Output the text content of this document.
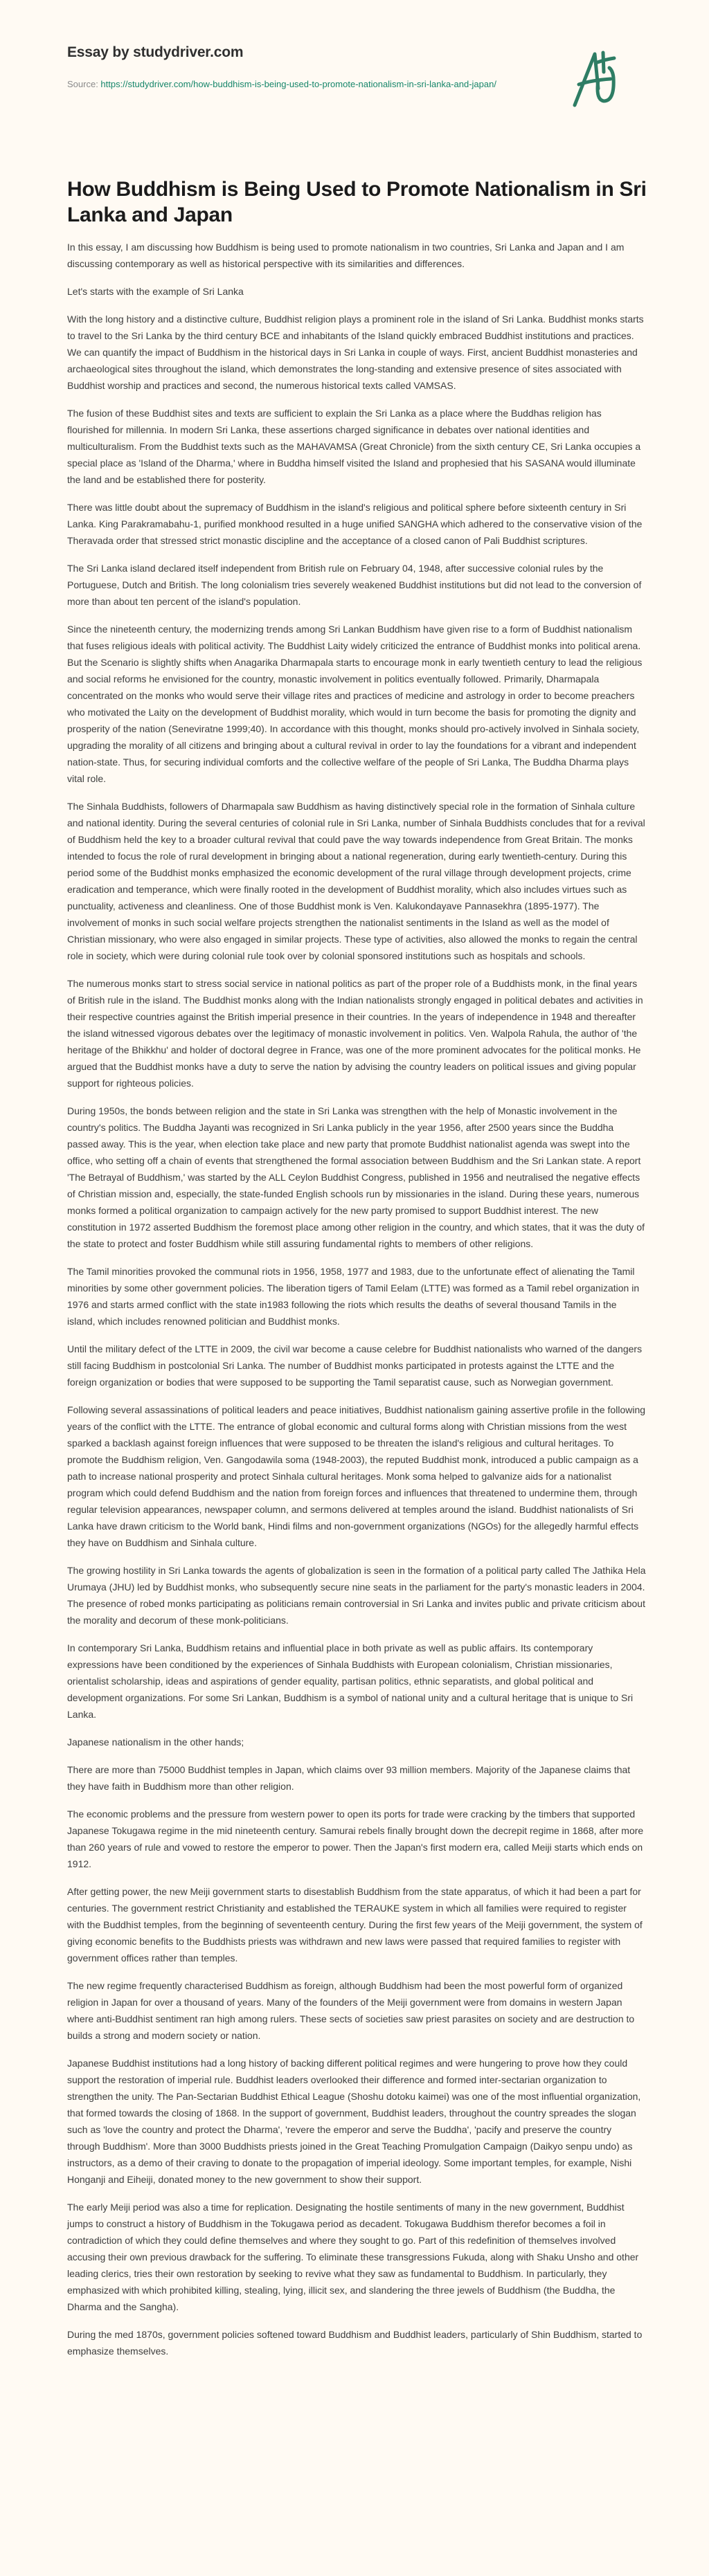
Essay by studydriver.com
Source: https://studydriver.com/how-buddhism-is-being-used-to-promote-nationalism-in-sri-lanka-and-japan/
How Buddhism is Being Used to Promote Nationalism in Sri Lanka and Japan

In this essay, I am discussing how Buddhism is being used to promote nationalism in two countries, Sri Lanka and Japan and I am discussing contemporary as well as historical perspective with its similarities and differences.

Let's starts with the example of Sri Lanka

With the long history and a distinctive culture, Buddhist religion plays a prominent role in the island of Sri Lanka. Buddhist monks starts to travel to the Sri Lanka by the third century BCE and inhabitants of the Island quickly embraced Buddhist institutions and practices. We can quantify the impact of Buddhism in the historical days in Sri Lanka in couple of ways. First, ancient Buddhist monasteries and archaeological sites throughout the island, which demonstrates the long-standing and extensive presence of sites associated with Buddhist worship and practices and second, the numerous historical texts called VAMSAS.

The fusion of these Buddhist sites and texts are sufficient to explain the Sri Lanka as a place where the Buddhas religion has flourished for millennia. In modern Sri Lanka, these assertions charged significance in debates over national identities and multiculturalism. From the Buddhist texts such as the MAHAVAMSA (Great Chronicle) from the sixth century CE, Sri Lanka occupies a special place as 'Island of the Dharma,' where in Buddha himself visited the Island and prophesied that his SASANA would illuminate the land and be established there for posterity.

There was little doubt about the supremacy of Buddhism in the island's religious and political sphere before sixteenth century in Sri Lanka. King Parakramabahu-1, purified monkhood resulted in a huge unified SANGHA which adhered to the conservative vision of the Theravada order that stressed strict monastic discipline and the acceptance of a closed canon of Pali Buddhist scriptures.

The Sri Lanka island declared itself independent from British rule on February 04, 1948, after successive colonial rules by the Portuguese, Dutch and British. The long colonialism tries severely weakened Buddhist institutions but did not lead to the conversion of more than about ten percent of the island's population.

Since the nineteenth century, the modernizing trends among Sri Lankan Buddhism have given rise to a form of Buddhist nationalism that fuses religious ideals with political activity. The Buddhist Laity widely criticized the entrance of Buddhist monks into political arena. But the Scenario is slightly shifts when Anagarika Dharmapala starts to encourage monk in early twentieth century to lead the religious and social reforms he envisioned for the country, monastic involvement in politics eventually followed. Primarily, Dharmapala concentrated on the monks who would serve their village rites and practices of medicine and astrology in order to become preachers who motivated the Laity on the development of Buddhist morality, which would in turn become the basis for promoting the dignity and prosperity of the nation (Seneviratne 1999;40). In accordance with this thought, monks should pro-actively involved in Sinhala society, upgrading the morality of all citizens and bringing about a cultural revival in order to lay the foundations for a vibrant and independent nation-state. Thus, for securing individual comforts and the collective welfare of the people of Sri Lanka, The Buddha Dharma plays vital role.

The Sinhala Buddhists, followers of Dharmapala saw Buddhism as having distinctively special role in the formation of Sinhala culture and national identity. During the several centuries of colonial rule in Sri Lanka, number of Sinhala Buddhists concludes that for a revival of Buddhism held the key to a broader cultural revival that could pave the way towards independence from Great Britain. The monks intended to focus the role of rural development in bringing about a national regeneration, during early twentieth-century. During this period some of the Buddhist monks emphasized the economic development of the rural village through development projects, crime eradication and temperance, which were finally rooted in the development of Buddhist morality, which also includes virtues such as punctuality, activeness and cleanliness. One of those Buddhist monk is Ven. Kalukondayave Pannasekhra (1895-1977). The involvement of monks in such social welfare projects strengthen the nationalist sentiments in the Island as well as the model of Christian missionary, who were also engaged in similar projects. These type of activities, also allowed the monks to regain the central role in society, which were during colonial rule took over by colonial sponsored institutions such as hospitals and schools.

The numerous monks start to stress social service in national politics as part of the proper role of a Buddhists monk, in the final years of British rule in the island. The Buddhist monks along with the Indian nationalists strongly engaged in political debates and activities in their respective countries against the British imperial presence in their countries. In the years of independence in 1948 and thereafter the island witnessed vigorous debates over the legitimacy of monastic involvement in politics. Ven. Walpola Rahula, the author of 'the heritage of the Bhikkhu' and holder of doctoral degree in France, was one of the more prominent advocates for the political monks. He argued that the Buddhist monks have a duty to serve the nation by advising the country leaders on political issues and giving popular support for righteous policies.

During 1950s, the bonds between religion and the state in Sri Lanka was strengthen with the help of Monastic involvement in the country's politics. The Buddha Jayanti was recognized in Sri Lanka publicly in the year 1956, after 2500 years since the Buddha passed away. This is the year, when election take place and new party that promote Buddhist nationalist agenda was swept into the office, who setting off a chain of events that strengthened the formal association between Buddhism and the Sri Lankan state. A report 'The Betrayal of Buddhism,' was started by the ALL Ceylon Buddhist Congress, published in 1956 and neutralised the negative effects of Christian mission and, especially, the state-funded English schools run by missionaries in the island. During these years, numerous monks formed a political organization to campaign actively for the new party promised to support Buddhist interest. The new constitution in 1972 asserted Buddhism the foremost place among other religion in the country, and which states, that it was the duty of the state to protect and foster Buddhism while still assuring fundamental rights to members of other religions.

The Tamil minorities provoked the communal riots in 1956, 1958, 1977 and 1983, due to the unfortunate effect of alienating the Tamil minorities by some other government policies. The liberation tigers of Tamil Eelam (LTTE) was formed as a Tamil rebel organization in 1976 and starts armed conflict with the state in1983 following the riots which results the deaths of several thousand Tamils in the island, which includes renowned politician and Buddhist monks.

Until the military defect of the LTTE in 2009, the civil war become a cause celebre for Buddhist nationalists who warned of the dangers still facing Buddhism in postcolonial Sri Lanka. The number of Buddhist monks participated in protests against the LTTE and the foreign organization or bodies that were supposed to be supporting the Tamil separatist cause, such as Norwegian government.

Following several assassinations of political leaders and peace initiatives, Buddhist nationalism gaining assertive profile in the following years of the conflict with the LTTE. The entrance of global economic and cultural forms along with Christian missions from the west sparked a backlash against foreign influences that were supposed to be threaten the island's religious and cultural heritages. To promote the Buddhism religion, Ven. Gangodawila soma (1948-2003), the reputed Buddhist monk, introduced a public campaign as a path to increase national prosperity and protect Sinhala cultural heritages. Monk soma helped to galvanize aids for a nationalist program which could defend Buddhism and the nation from foreign forces and influences that threatened to undermine them, through regular television appearances, newspaper column, and sermons delivered at temples around the island. Buddhist nationalists of Sri Lanka have drawn criticism to the World bank, Hindi films and non-government organizations (NGOs) for the allegedly harmful effects they have on Buddhism and Sinhala culture.

The growing hostility in Sri Lanka towards the agents of globalization is seen in the formation of a political party called The Jathika Hela Urumaya (JHU) led by Buddhist monks, who subsequently secure nine seats in the parliament for the party's monastic leaders in 2004. The presence of robed monks participating as politicians remain controversial in Sri Lanka and invites public and private criticism about the morality and decorum of these monk-politicians.

In contemporary Sri Lanka, Buddhism retains and influential place in both private as well as public affairs. Its contemporary expressions have been conditioned by the experiences of Sinhala Buddhists with European colonialism, Christian missionaries, orientalist scholarship, ideas and aspirations of gender equality, partisan politics, ethnic separatists, and global political and development organizations. For some Sri Lankan, Buddhism is a symbol of national unity and a cultural heritage that is unique to Sri Lanka.

Japanese nationalism in the other hands;

There are more than 75000 Buddhist temples in Japan, which claims over 93 million members. Majority of the Japanese claims that they have faith in Buddhism more than other religion.

The economic problems and the pressure from western power to open its ports for trade were cracking by the timbers that supported Japanese Tokugawa regime in the mid nineteenth century. Samurai rebels finally brought down the decrepit regime in 1868, after more than 260 years of rule and vowed to restore the emperor to power. Then the Japan's first modern era, called Meiji starts which ends on 1912.

After getting power, the new Meiji government starts to disestablish Buddhism from the state apparatus, of which it had been a part for centuries. The government restrict Christianity and established the TERAUKE system in which all families were required to register with the Buddhist temples, from the beginning of seventeenth century. During the first few years of the Meiji government, the system of giving economic benefits to the Buddhists priests was withdrawn and new laws were passed that required families to register with government offices rather than temples.

The new regime frequently characterised Buddhism as foreign, although Buddhism had been the most powerful form of organized religion in Japan for over a thousand of years. Many of the founders of the Meiji government were from domains in western Japan where anti-Buddhist sentiment ran high among rulers. These sects of societies saw priest parasites on society and are destruction to builds a strong and modern society or nation.

Japanese Buddhist institutions had a long history of backing different political regimes and were hungering to prove how they could support the restoration of imperial rule. Buddhist leaders overlooked their difference and formed inter-sectarian organization to strengthen the unity. The Pan-Sectarian Buddhist Ethical League (Shoshu dotoku kaimei) was one of the most influential organization, that formed towards the closing of 1868. In the support of government, Buddhist leaders, throughout the country spreades the slogan such as 'love the country and protect the Dharma', 'revere the emperor and serve the Buddha', 'pacify and preserve the country through Buddhism'. More than 3000 Buddhists priests joined in the Great Teaching Promulgation Campaign (Daikyo senpu undo) as instructors, as a demo of their craving to donate to the propagation of imperial ideology. Some important temples, for example, Nishi Honganji and Eiheiji, donated money to the new government to show their support.

The early Meiji period was also a time for replication. Designating the hostile sentiments of many in the new government, Buddhist jumps to construct a history of Buddhism in the Tokugawa period as decadent. Tokugawa Buddhism therefor becomes a foil in contradiction of which they could define themselves and where they sought to go. Part of this redefinition of themselves involved accusing their own previous drawback for the suffering. To eliminate these transgressions Fukuda, along with Shaku Unsho and other leading clerics, tries their own restoration by seeking to revive what they saw as fundamental to Buddhism. In particularly, they emphasized with which prohibited killing, stealing, lying, illicit sex, and slandering the three jewels of Buddhism (the Buddha, the Dharma and the Sangha).

During the med 1870s, government policies softened toward Buddhism and Buddhist leaders, particularly of Shin Buddhism, started to emphasize themselves.
